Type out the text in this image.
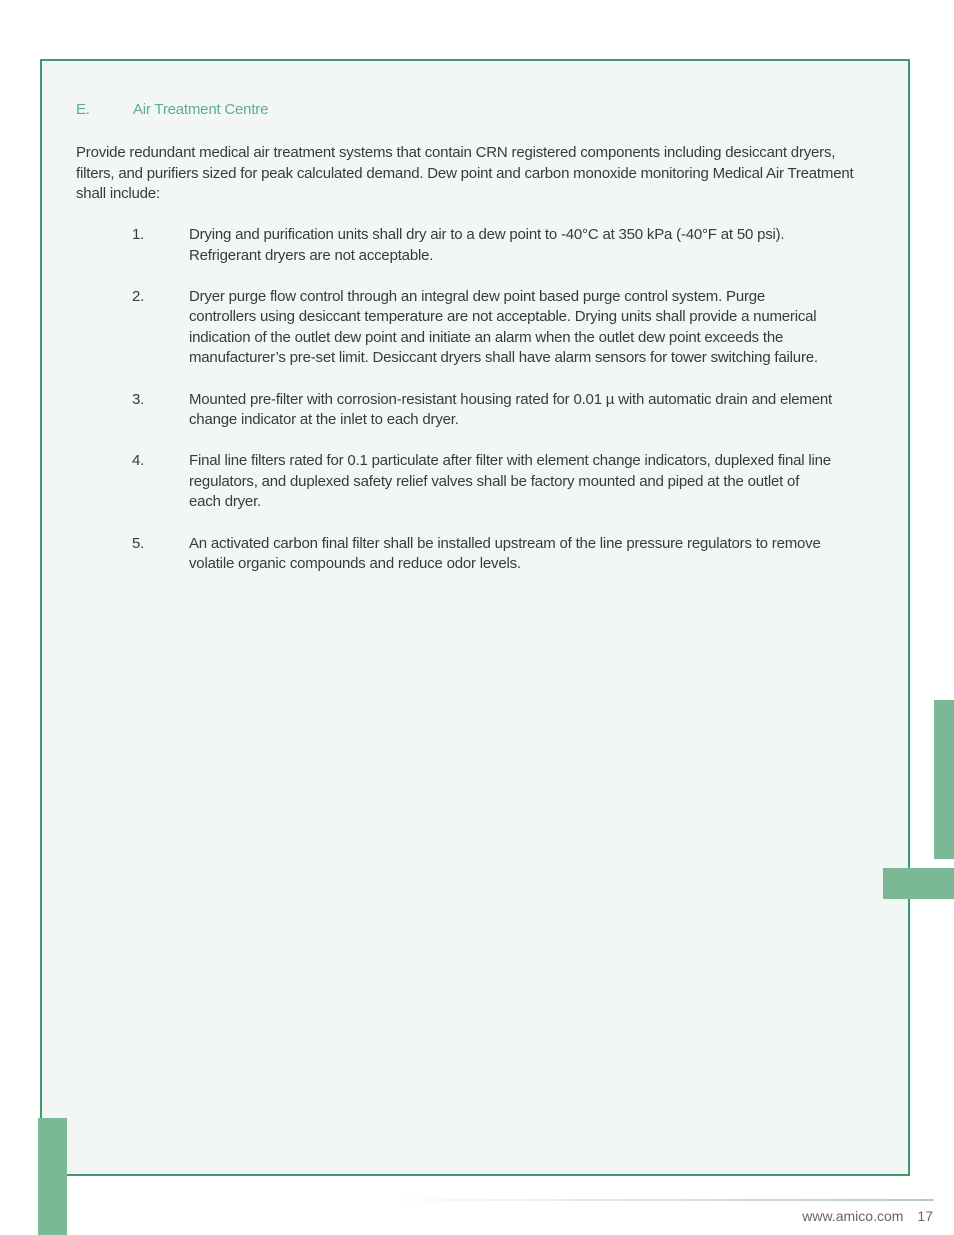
E.	Air Treatment Centre

Provide redundant medical air treatment systems that contain CRN registered components including desiccant dryers, filters, and purifiers sized for peak calculated demand. Dew point and carbon monoxide monitoring Medical Air Treatment shall include:

1.	Drying and purification units shall dry air to a dew point to -40°C at 350 kPa (-40°F at 50 psi). Refrigerant dryers are not acceptable.
2.	Dryer purge flow control through an integral dew point based purge control system. Purge controllers using desiccant temperature are not acceptable. Drying units shall provide a numerical indication of the outlet dew point and initiate an alarm when the outlet dew point exceeds the manufacturer’s pre-set limit. Desiccant dryers shall have alarm sensors for tower switching failure.
3.	Mounted pre-filter with corrosion-resistant housing rated for 0.01 µ with automatic drain and element change indicator at the inlet to each dryer.
4.	Final line filters rated for 0.1 particulate after filter with element change indicators, duplexed final line regulators, and duplexed safety relief valves shall be factory mounted and piped at the outlet of each dryer.
5.	An activated carbon final filter shall be installed upstream of the line pressure regulators to remove volatile organic compounds and reduce odor levels.
www.amico.com 17
